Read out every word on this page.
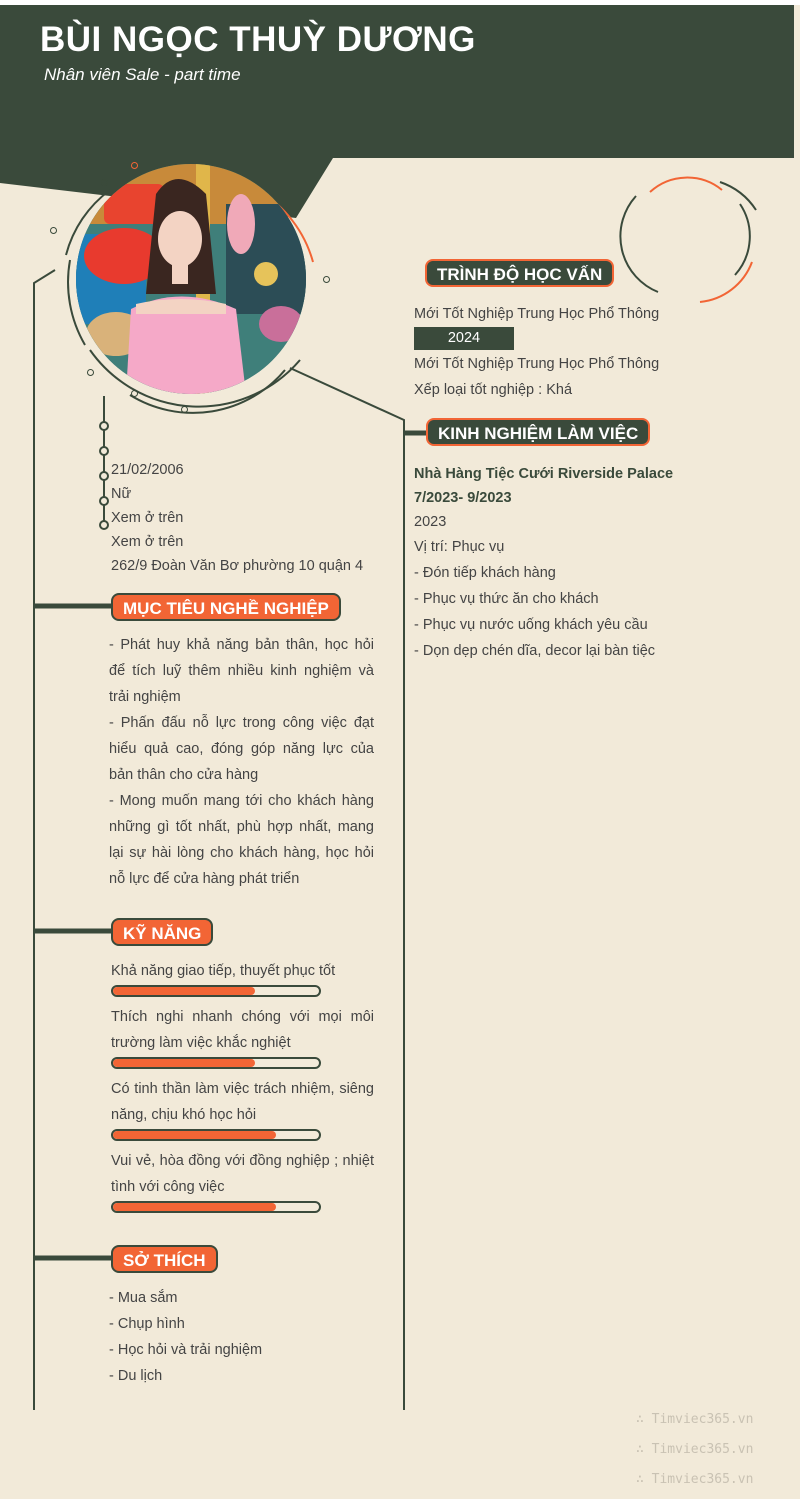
BÙI NGỌC THUỲ DƯƠNG
Nhân viên Sale - part time
21/02/2006
Nữ
Xem ở trên
Xem ở trên
262/9 Đoàn Văn Bơ phường 10 quận 4
MỤC TIÊU NGHỀ NGHIỆP
- Phát huy khả năng bản thân, học hỏi để tích luỹ thêm nhiều kinh nghiệm và trải nghiệm
- Phấn đấu nỗ lực trong công việc đạt hiểu quả cao, đóng góp năng lực của bản thân cho cửa hàng
- Mong muốn mang tới cho khách hàng những gì tốt nhất, phù hợp nhất, mang lại sự hài lòng cho khách hàng, học hỏi nỗ lực để cửa hàng phát triển
KỸ NĂNG
Khả năng giao tiếp, thuyết phục tốt
Thích nghi nhanh chóng với mọi môi trường làm việc khắc nghiệt
Có tinh thần làm việc trách nhiệm, siêng năng, chịu khó học hỏi
Vui vẻ, hòa đồng với đồng nghiệp ; nhiệt tình với công việc
SỞ THÍCH
- Mua sắm
- Chụp hình
- Học hỏi và trải nghiệm
- Du lịch
TRÌNH ĐỘ HỌC VẤN
Mới Tốt Nghiệp Trung Học Phổ Thông
2024
Mới Tốt Nghiệp Trung Học Phổ Thông
Xếp loại tốt nghiệp : Khá
KINH NGHIỆM LÀM VIỆC
Nhà Hàng Tiệc Cưới Riverside Palace
7/2023- 9/2023
2023
Vị trí: Phục vụ
- Đón tiếp khách hàng
- Phục vụ thức ăn cho khách
- Phục vụ nước uống khách yêu cầu
- Dọn dẹp chén dĩa, decor lại bàn tiệc
∴ Timviec365.vn
∴ Timviec365.vn
∴ Timviec365.vn
